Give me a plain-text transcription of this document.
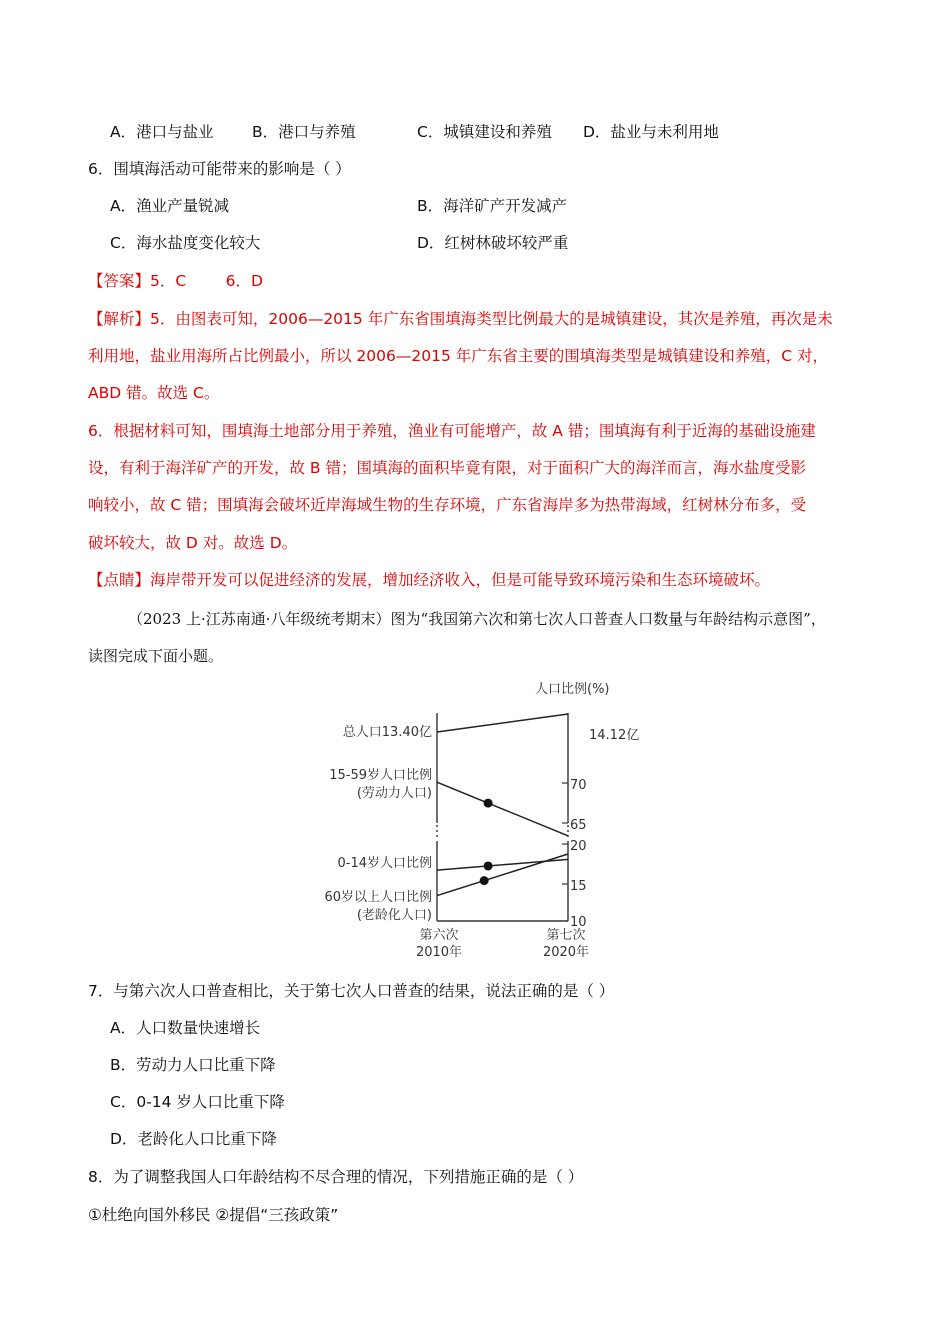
A．港口与盐业 B．港口与养殖	C．城镇建设和养殖 D．盐业与未利用地
6．围填海活动可能带来的影响是（ ）
A．渔业产量锐减	B．海洋矿产开发减产
C．海水盐度变化较大	D．红树林破坏较严重
【答案】5．C        6．D
【解析】5．由图表可知，2006—2015 年广东省围填海类型比例最大的是城镇建设，其次是养殖，再次是未
利用地，盐业用海所占比例最小，所以 2006—2015 年广东省主要的围填海类型是城镇建设和养殖，C 对，
ABD 错。故选 C。
6．根据材料可知，围填海土地部分用于养殖，渔业有可能增产，故 A 错；围填海有利于近海的基础设施建
设，有利于海洋矿产的开发，故 B 错；围填海的面积毕竟有限，对于面积广大的海洋而言，海水盐度受影
响较小，故 C 错；围填海会破坏近岸海域生物的生存环境，广东省海岸多为热带海域，红树林分布多，受
破坏较大，故 D 对。故选 D。
【点睛】海岸带开发可以促进经济的发展，增加经济收入，但是可能导致环境污染和生态环境破坏。
（2023 上·江苏南通·八年级统考期末）图为“我国第六次和第七次人口普查人口数量与年龄结构示意图”，
读图完成下面小题。
70
65
20
15
10
人口比例(%)
总人口13.40亿	14.12亿
15-59岁人口比例
(劳动力人口)
0-14岁人口比例
60岁以上人口比例
(老龄化人口)
第六次
2010年
第七次
2020年
7．与第六次人口普查相比，关于第七次人口普查的结果，说法正确的是（ ）
A．人口数量快速增长
B．劳动力人口比重下降
C．0-14 岁人口比重下降
D．老龄化人口比重下降
8．为了调整我国人口年龄结构不尽合理的情况，下列措施正确的是（ ）
①杜绝向国外移民 ②提倡“三孩政策”
